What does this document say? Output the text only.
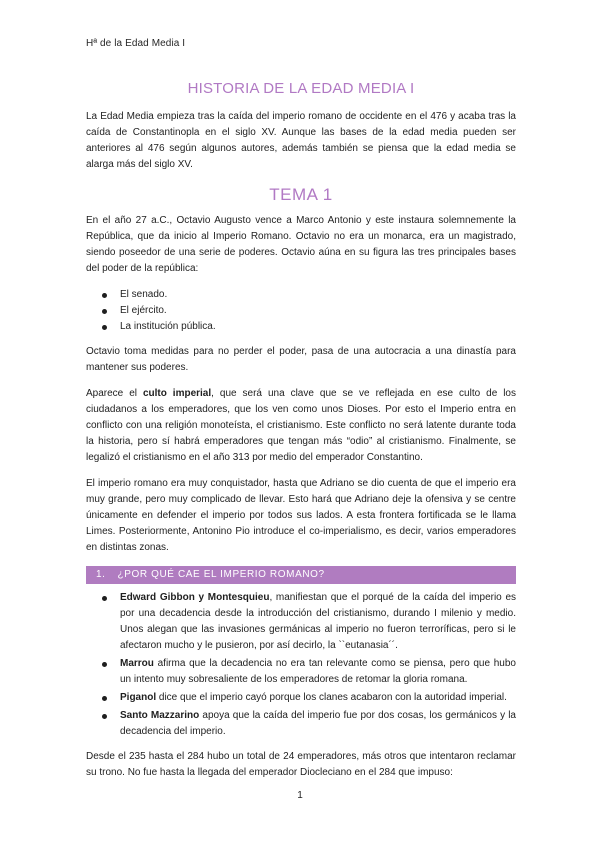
Hª de la Edad Media I
HISTORIA DE LA EDAD MEDIA I

La Edad Media empieza tras la caída del imperio romano de occidente en el 476 y acaba tras la caída de Constantinopla en el siglo XV. Aunque las bases de la edad media pueden ser anteriores al 476 según algunos autores, además también se piensa que la edad media se alarga más del siglo XV.

TEMA 1

En el año 27 a.C., Octavio Augusto vence a Marco Antonio y este instaura solemnemente la República, que da inicio al Imperio Romano. Octavio no era un monarca, era un magistrado, siendo poseedor de una serie de poderes. Octavio aúna en su figura las tres principales bases del poder de la república:

El senado.
El ejército.
La institución pública.

Octavio toma medidas para no perder el poder, pasa de una autocracia a una dinastía para mantener sus poderes.

Aparece el culto imperial, que será una clave que se ve reflejada en ese culto de los ciudadanos a los emperadores, que los ven como unos Dioses. Por esto el Imperio entra en conflicto con una religión monoteísta, el cristianismo. Este conflicto no será latente durante toda la historia, pero sí habrá emperadores que tengan más “odio” al cristianismo. Finalmente, se legalizó el cristianismo en el año 313 por medio del emperador Constantino.

El imperio romano era muy conquistador, hasta que Adriano se dio cuenta de que el imperio era muy grande, pero muy complicado de llevar. Esto hará que Adriano deje la ofensiva y se centre únicamente en defender el imperio por todos sus lados. A esta frontera fortificada se le llama Limes. Posteriormente, Antonino Pio introduce el co-imperialismo, es decir, varios emperadores en distintas zonas.

1. ¿POR QUÉ CAE EL IMPERIO ROMANO?
Edward Gibbon y Montesquieu, manifiestan que el porqué de la caída del imperio es por una decadencia desde la introducción del cristianismo, durando I milenio y medio. Unos alegan que las invasiones germánicas al imperio no fueron terroríficas, pero si le afectaron mucho y le pusieron, por así decirlo, la ``eutanasia´´.
Marrou afirma que la decadencia no era tan relevante como se piensa, pero que hubo un intento muy sobresaliente de los emperadores de retomar la gloria romana.
Piganol dice que el imperio cayó porque los clanes acabaron con la autoridad imperial.
Santo Mazzarino apoya que la caída del imperio fue por dos cosas, los germánicos y la decadencia del imperio.

Desde el 235 hasta el 284 hubo un total de 24 emperadores, más otros que intentaron reclamar su trono. No fue hasta la llegada del emperador Diocleciano en el 284 que impuso:

1
